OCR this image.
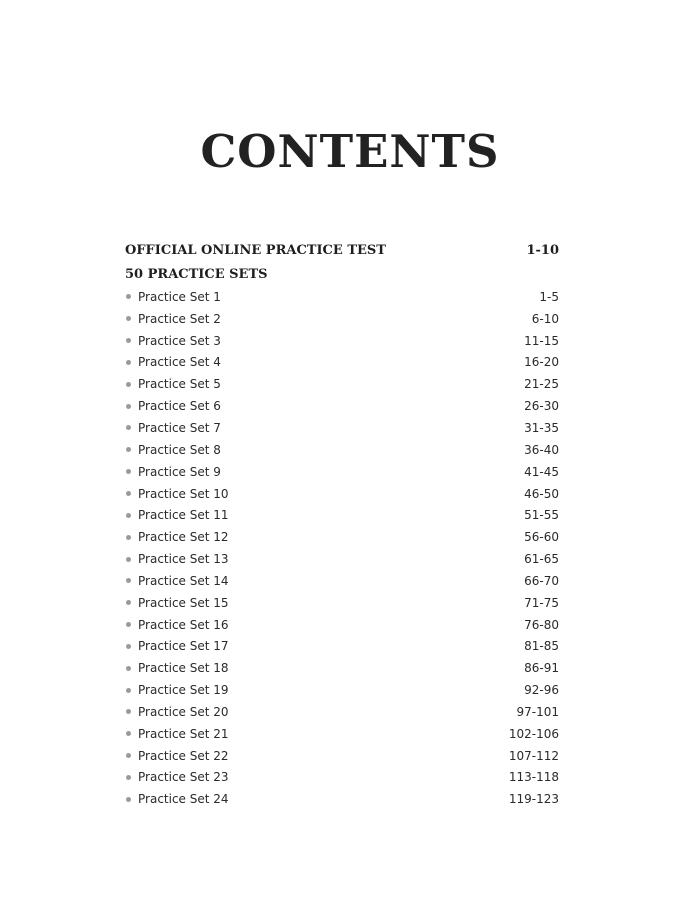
CONTENTS
OFFICIAL ONLINE PRACTICE TEST	1-10
50 PRACTICE SETS
Practice Set 1	1-5
Practice Set 2	6-10
Practice Set 3	11-15
Practice Set 4	16-20
Practice Set 5	21-25
Practice Set 6	26-30
Practice Set 7	31-35
Practice Set 8	36-40
Practice Set 9	41-45
Practice Set 10	46-50
Practice Set 11	51-55
Practice Set 12	56-60
Practice Set 13	61-65
Practice Set 14	66-70
Practice Set 15	71-75
Practice Set 16	76-80
Practice Set 17	81-85
Practice Set 18	86-91
Practice Set 19	92-96
Practice Set 20	97-101
Practice Set 21	102-106
Practice Set 22	107-112
Practice Set 23	113-118
Practice Set 24	119-123
